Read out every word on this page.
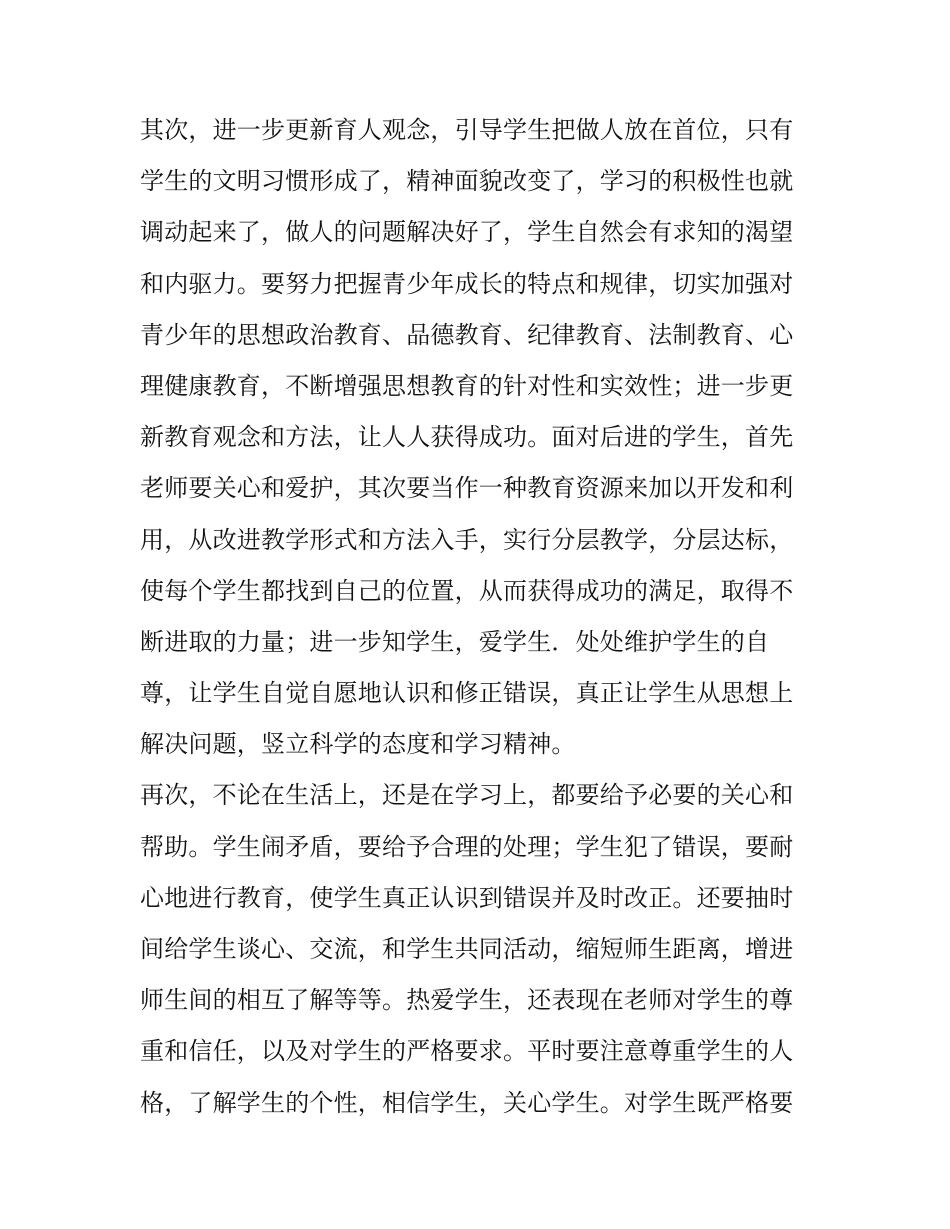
其次，进一步更新育人观念，引导学生把做人放在首位，只有
学生的文明习惯形成了，精神面貌改变了，学习的积极性也就
调动起来了，做人的问题解决好了，学生自然会有求知的渴望
和内驱力。要努力把握青少年成长的特点和规律，切实加强对
青少年的思想政治教育、品德教育、纪律教育、法制教育、心
理健康教育，不断增强思想教育的针对性和实效性；进一步更
新教育观念和方法，让人人获得成功。面对后进的学生，首先
老师要关心和爱护，其次要当作一种教育资源来加以开发和利
用，从改进教学形式和方法入手，实行分层教学，分层达标，
使每个学生都找到自己的位置，从而获得成功的满足，取得不
断进取的力量；进一步知学生，爱学生．处处维护学生的自
尊，让学生自觉自愿地认识和修正错误，真正让学生从思想上
解决问题，竖立科学的态度和学习精神。
再次，不论在生活上，还是在学习上，都要给予必要的关心和
帮助。学生闹矛盾，要给予合理的处理；学生犯了错误，要耐
心地进行教育，使学生真正认识到错误并及时改正。还要抽时
间给学生谈心、交流，和学生共同活动，缩短师生距离，增进
师生间的相互了解等等。热爱学生，还表现在老师对学生的尊
重和信任，以及对学生的严格要求。平时要注意尊重学生的人
格，了解学生的个性，相信学生，关心学生。对学生既严格要
